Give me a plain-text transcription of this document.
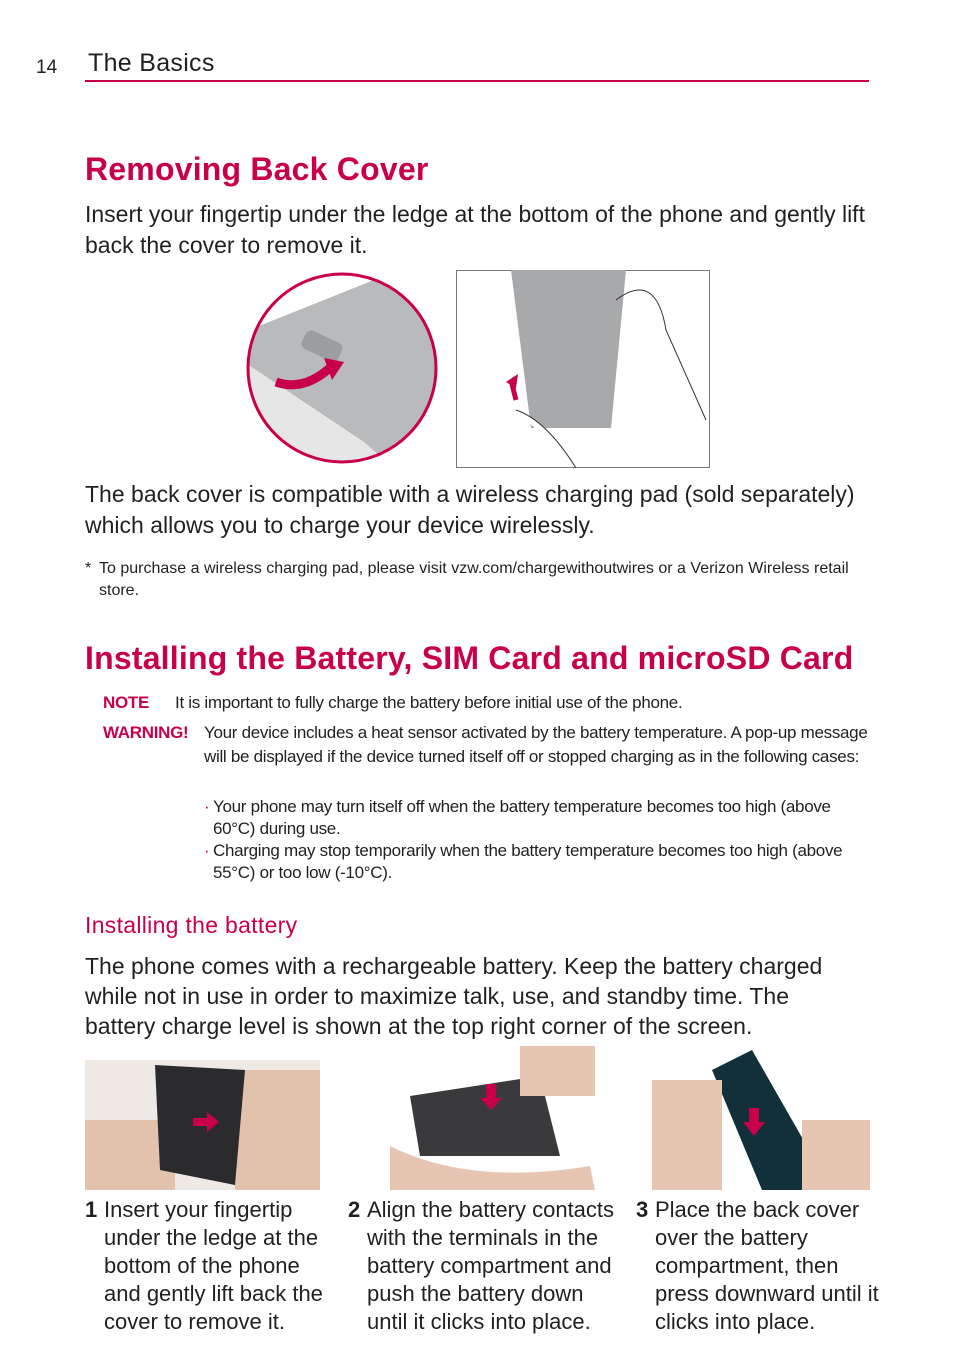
14 The Basics
Removing Back Cover
Insert your fingertip under the ledge at the bottom of the phone and gently lift back the cover to remove it.
The back cover is compatible with a wireless charging pad (sold separately) which allows you to charge your device wirelessly.
* To purchase a wireless charging pad, please visit vzw.com/chargewithoutwires or a Verizon Wireless retail store.
Installing the Battery, SIM Card and microSD Card
NOTE It is important to fully charge the battery before initial use of the phone.
WARNING! Your device includes a heat sensor activated by the battery temperature. A pop-up message will be displayed if the device turned itself off or stopped charging as in the following cases:
· Your phone may turn itself off when the battery temperature becomes too high (above 60°C) during use.
· Charging may stop temporarily when the battery temperature becomes too high (above 55°C) or too low (-10°C).
Installing the battery
The phone comes with a rechargeable battery. Keep the battery charged while not in use in order to maximize talk, use, and standby time. The battery charge level is shown at the top right corner of the screen.
1 Insert your fingertip under the ledge at the bottom of the phone and gently lift back the cover to remove it.
2 Align the battery contacts with the terminals in the battery compartment and push the battery down until it clicks into place.
3 Place the back cover over the battery compartment, then press downward until it clicks into place.
